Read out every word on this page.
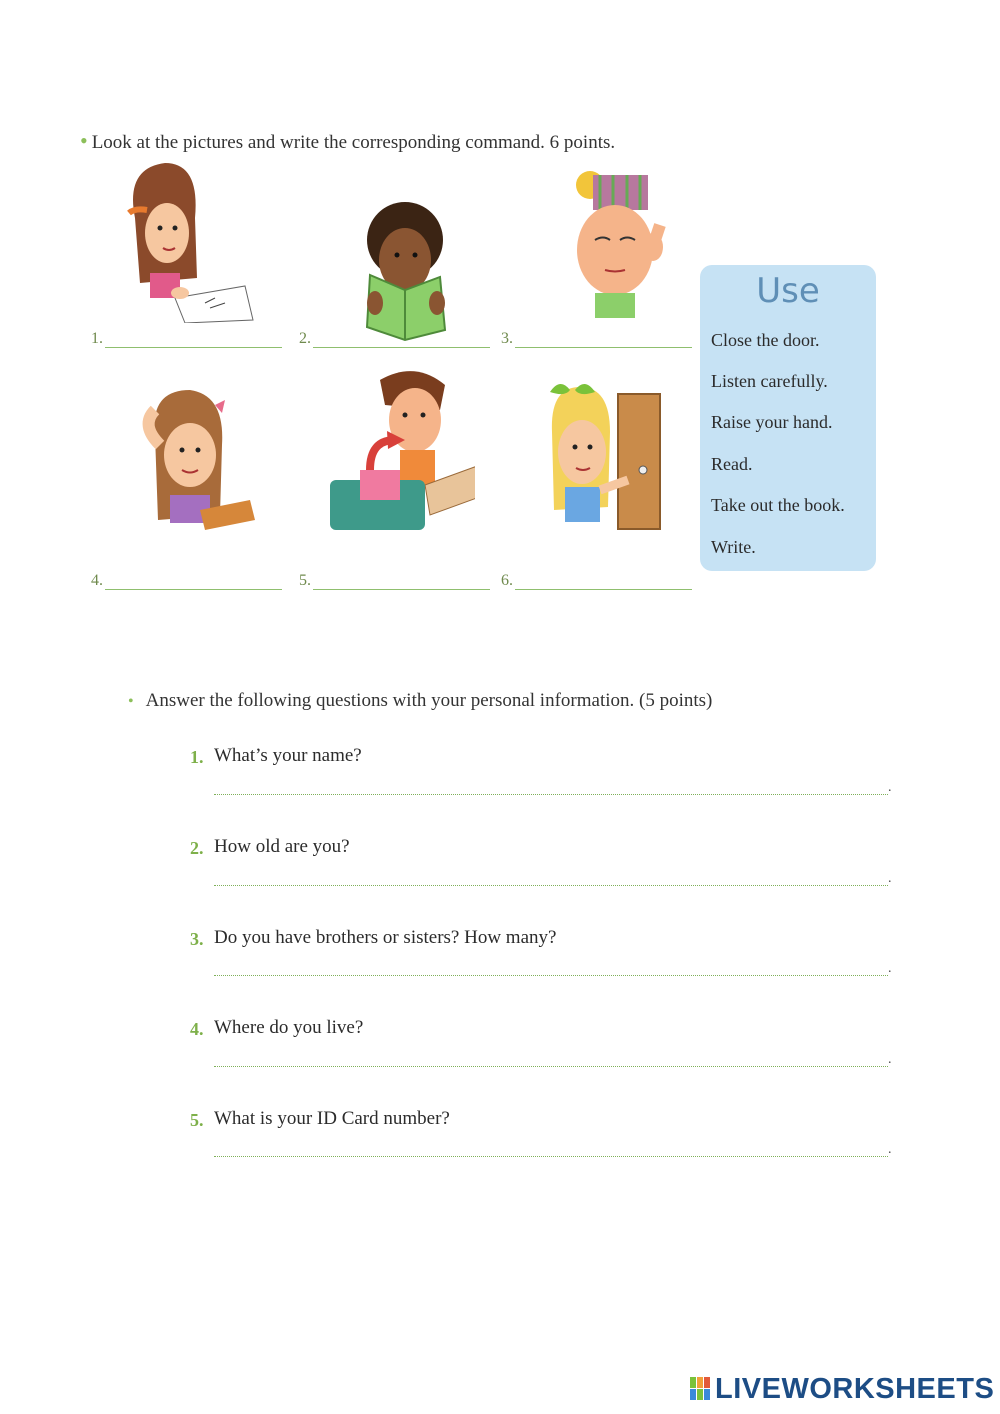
• Look at the pictures and write the corresponding command. 6 points.
1.	2.	3.
4.	5.	6.
Use
Close the door.
Listen carefully.
Raise your hand.
Read.
Take out the book.
Write.
• Answer the following questions with your personal information. (5 points)
1. What’s your name?
.
2. How old are you?
.
3. Do you have brothers or sisters? How many?
.
4. Where do you live?
.
5. What is your ID Card number?
.
LIVEWORKSHEETS
